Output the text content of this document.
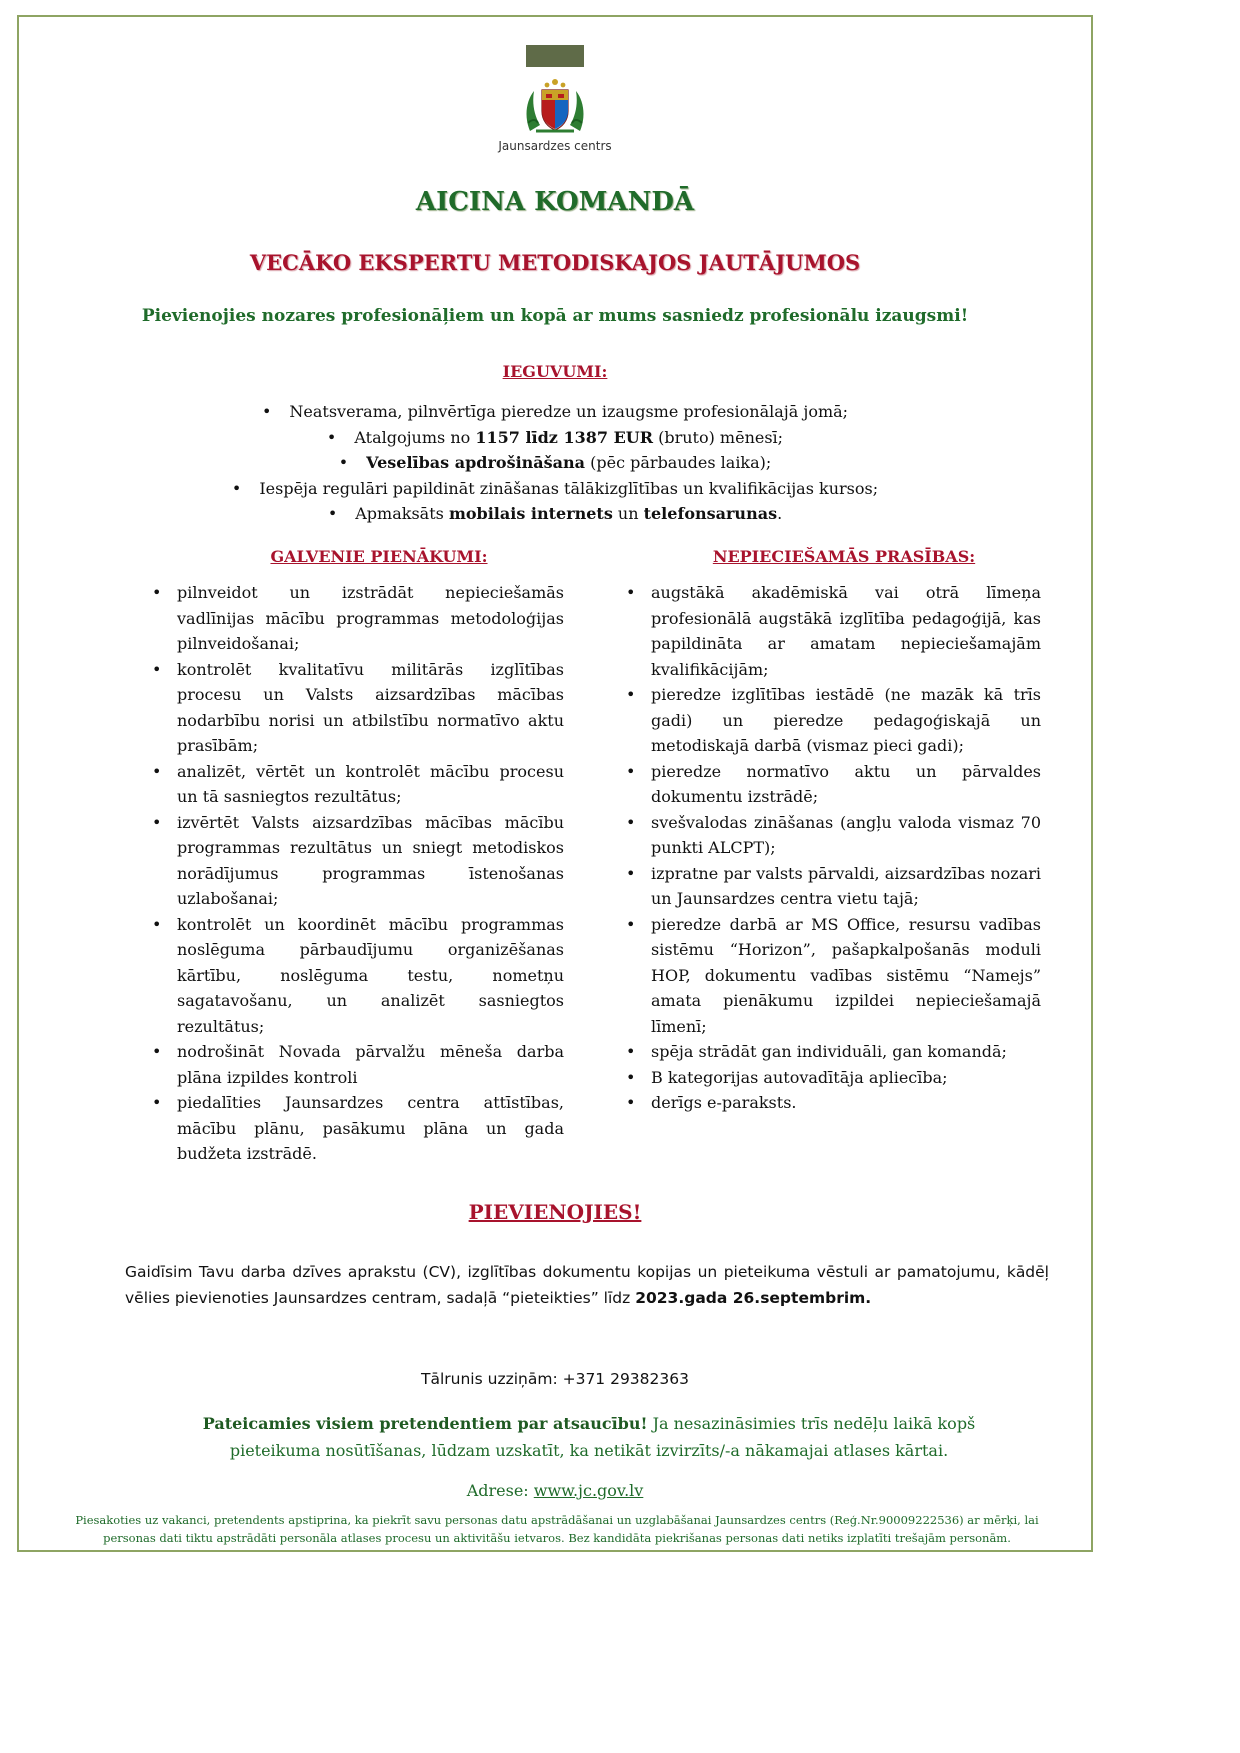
Jaunsardzes centrs
AICINA KOMANDĀ
VECĀKO EKSPERTU METODISKAJOS JAUTĀJUMOS
Pievienojies nozares profesionāļiem un kopā ar mums sasniedz profesionālu izaugsmi!
IEGUVUMI:
• Neatsverama, pilnvērtīga pieredze un izaugsme profesionālajā jomā;
• Atalgojums no 1157 līdz 1387 EUR (bruto) mēnesī;
• Veselības apdrošināšana (pēc pārbaudes laika);
• Iespēja regulāri papildināt zināšanas tālākizglītības un kvalifikācijas kursos;
• Apmaksāts mobilais internets un telefonsarunas.
GALVENIE PIENĀKUMI:	NEPIECIEŠAMĀS PRASĪBAS:
• pilnveidot un izstrādāt nepieciešamās vadlīnijas mācību programmas metodoloģijas pilnveidošanai;
• kontrolēt kvalitatīvu militārās izglītības procesu un Valsts aizsardzības mācības nodarbību norisi un atbilstību normatīvo aktu prasībām;
• analizēt, vērtēt un kontrolēt mācību procesu un tā sasniegtos rezultātus;
• izvērtēt Valsts aizsardzības mācības mācību programmas rezultātus un sniegt metodiskos norādījumus programmas īstenošanas uzlabošanai;
• kontrolēt un koordinēt mācību programmas noslēguma pārbaudījumu organizēšanas kārtību, noslēguma testu, nometņu sagatavošanu, un analizēt sasniegtos rezultātus;
• nodrošināt Novada pārvalžu mēneša darba plāna izpildes kontroli
• piedalīties Jaunsardzes centra attīstības, mācību plānu, pasākumu plāna un gada budžeta izstrādē.
• augstākā akadēmiskā vai otrā līmeņa profesionālā augstākā izglītība pedagoģijā, kas papildināta ar amatam nepieciešamajām kvalifikācijām;
• pieredze izglītības iestādē (ne mazāk kā trīs gadi) un pieredze pedagoģiskajā un metodiskajā darbā (vismaz pieci gadi);
• pieredze normatīvo aktu un pārvaldes dokumentu izstrādē;
• svešvalodas zināšanas (angļu valoda vismaz 70 punkti ALCPT);
• izpratne par valsts pārvaldi, aizsardzības nozari un Jaunsardzes centra vietu tajā;
• pieredze darbā ar MS Office, resursu vadības sistēmu “Horizon”, pašapkalpošanās moduli HOP, dokumentu vadības sistēmu “Namejs” amata pienākumu izpildei nepieciešamajā līmenī;
• spēja strādāt gan individuāli, gan komandā;
• B kategorijas autovadītāja apliecība;
• derīgs e-paraksts.
PIEVIENOJIES!

Gaidīsim Tavu darba dzīves aprakstu (CV), izglītības dokumentu kopijas un pieteikuma vēstuli ar pamatojumu, kādēļ vēlies pievienoties Jaunsardzes centram, sadaļā “pieteikties” līdz 2023.gada 26.septembrim.

Tālrunis uzziņām: +371 29382363

Pateicamies visiem pretendentiem par atsaucību! Ja nesazināsimies trīs nedēļu laikā kopš pieteikuma nosūtīšanas, lūdzam uzskatīt, ka netikāt izvirzīts/-a nākamajai atlases kārtai.

Adrese: www.jc.gov.lv

Piesakoties uz vakanci, pretendents apstiprina, ka piekrīt savu personas datu apstrādāšanai un uzglabāšanai Jaunsardzes centrs (Reģ.Nr.90009222536) ar mērķi, lai personas dati tiktu apstrādāti personāla atlases procesu un aktivitāšu ietvaros. Bez kandidāta piekrišanas personas dati netiks izplatīti trešajām personām.
